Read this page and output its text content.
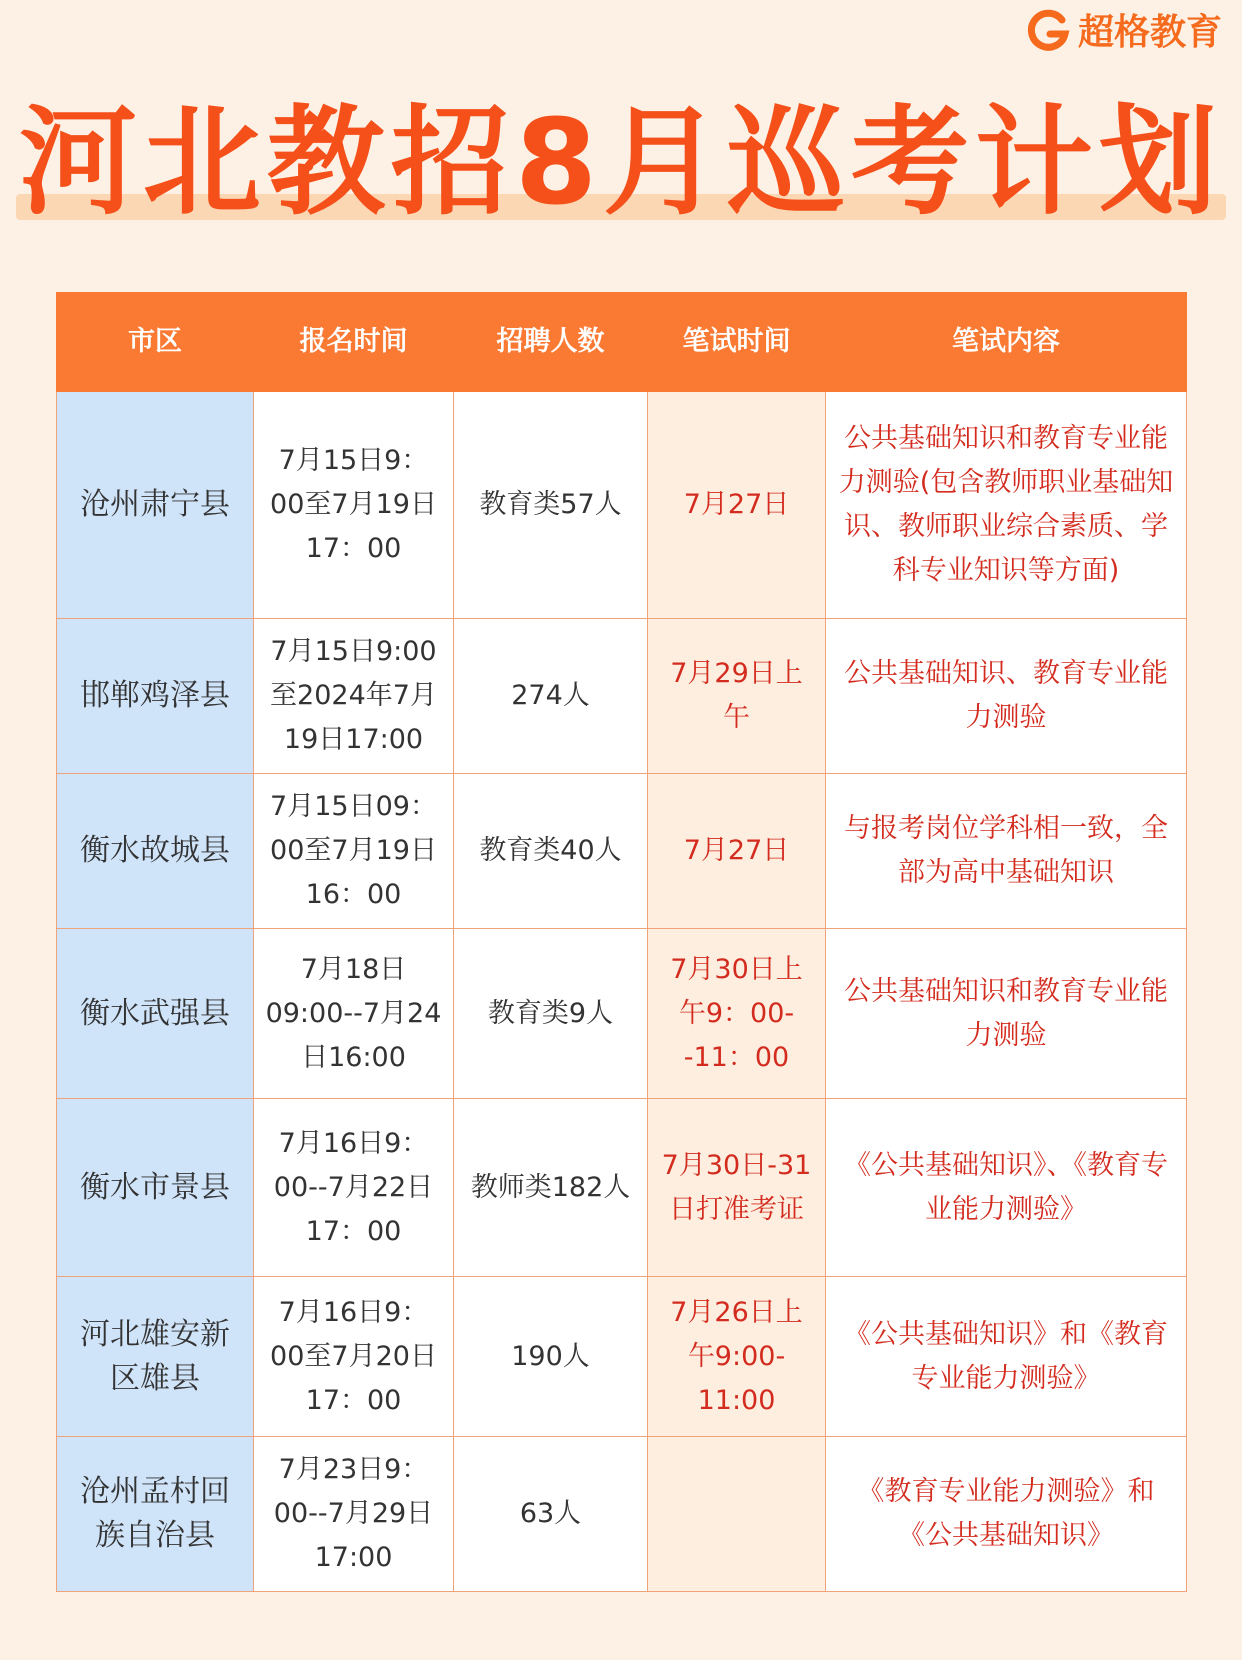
超格教育
河北教招8月巡考计划
市区	报名时间	招聘人数	笔试时间	笔试内容
沧州肃宁县	7月15日9：00至7月19日17：00	教育类57人	7月27日	公共基础知识和教育专业能力测验(包含教师职业基础知识、教师职业综合素质、学科专业知识等方面)
邯郸鸡泽县	7月15日9:00至2024年7月19日17:00	274人	7月29日上午	公共基础知识、教育专业能力测验
衡水故城县	7月15日09：00至7月19日16：00	教育类40人	7月27日	与报考岗位学科相一致，全部为高中基础知识
衡水武强县	7月18日09:00--7月24日16:00	教育类9人	7月30日上午9：00--11：00	公共基础知识和教育专业能力测验
衡水市景县	7月16日9：00--7月22日17：00	教师类182人	7月30日-31日打准考证	《公共基础知识》、《教育专业能力测验》
河北雄安新区雄县	7月16日9：00至7月20日17：00	190人	7月26日上午9:00-11:00	《公共基础知识》和《教育专业能力测验》
沧州孟村回族自治县	7月23日9：00--7月29日17:00	63人		《教育专业能力测验》和《公共基础知识》
